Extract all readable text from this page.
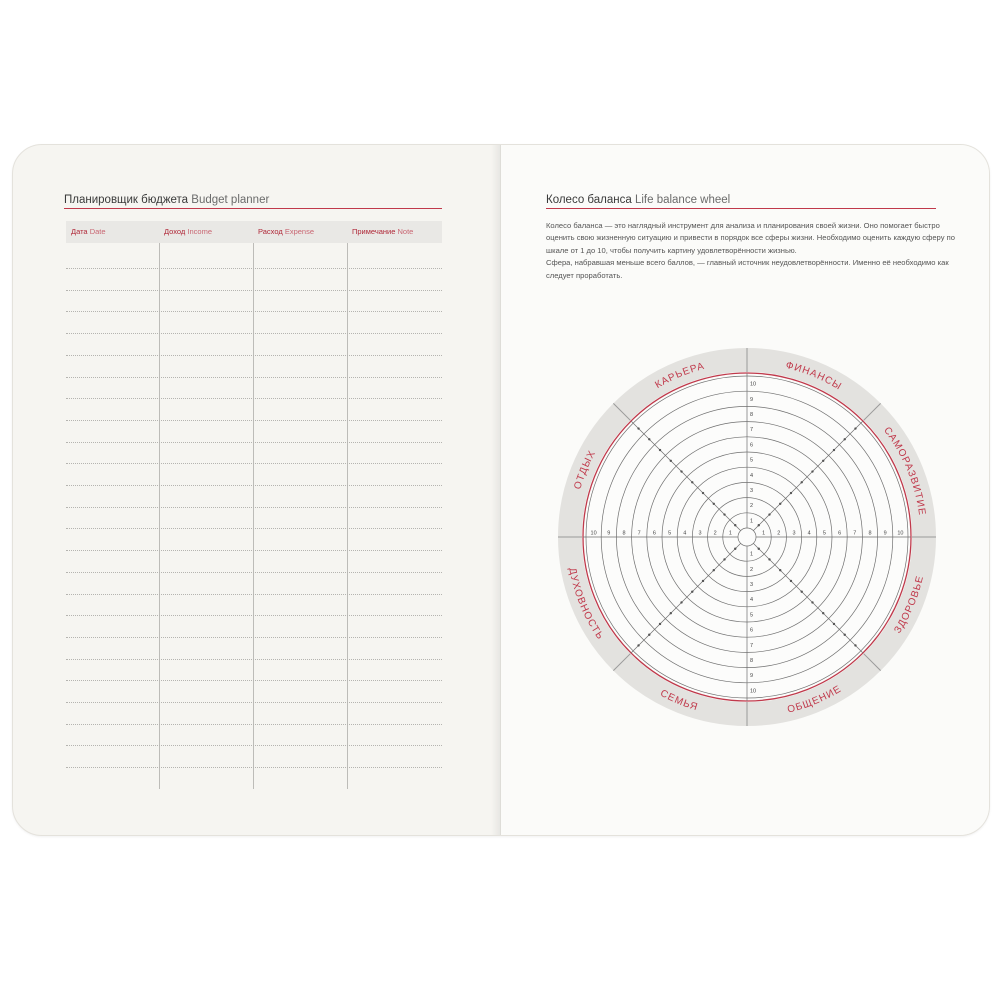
Планировщик бюджета Budget planner
Дата Date	Доход Income	Расход Expense	Примечание Note
Колесо баланса Life balance wheel

Колесо баланса — это наглядный инструмент для анализа и планирования своей жизни. Оно помогает быстро оценить свою жизненную ситуацию и привести в порядок все сферы жизни. Необходимо оценить каждую сферу по шкале от 1 до 10, чтобы получить картину удовлетворённости жизнью.

Сфера, набравшая меньше всего баллов, — главный источник неудовлетворённости. Именно её необходимо как следует проработать.

1
1
1
1
2
2
2
2
3
3
3
3
4
4
4
4
5
5
5
5
6
6
6
6
7
7
7
7
8
8
8
8
9
9
9
9
10
10
10
10
ФИНАНСЫ
САМОРАЗВИТИЕ
ЗДОРОВЬЕ
ОБЩЕНИЕ
СЕМЬЯ
ДУХОВНОСТЬ
ОТДЫХ
КАРЬЕРА
